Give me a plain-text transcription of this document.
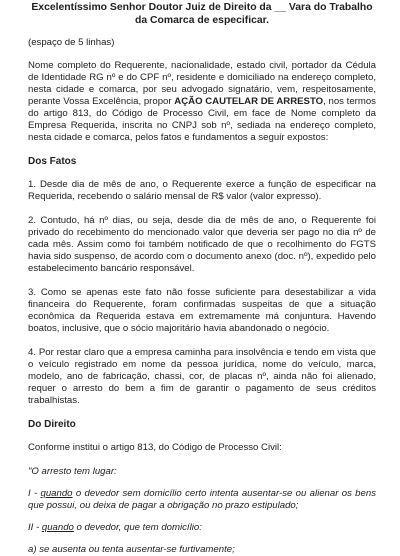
Excelentíssimo Senhor Doutor Juiz de Direito da __ Vara do Trabalho da Comarca de especificar.
(espaço de 5 linhas)
Nome completo do Requerente, nacionalidade, estado civil, portador da Cédula de Identidade RG nº e do CPF nº, residente e domiciliado na endereço completo, nesta cidade e comarca, por seu advogado signatário, vem, respeitosamente, perante Vossa Excelência, propor AÇÃO CAUTELAR DE ARRESTO, nos termos do artigo 813, do Código de Processo Civil, em face de Nome completo da Empresa Requerida, inscrita no CNPJ sob nº, sediada na endereço completo, nesta cidade e comarca, pelos fatos e fundamentos a seguir expostos:
Dos Fatos
1. Desde dia de mês de ano, o Requerente exerce a função de especificar na Requerida, recebendo o salário mensal de R$ valor (valor expresso).
2. Contudo, há nº dias, ou seja, desde dia de mês de ano, o Requerente foi privado do recebimento do mencionado valor que deveria ser pago no dia nº de cada mês. Assim como foi também notificado de que o recolhimento do FGTS havia sido suspenso, de acordo com o documento anexo (doc. nº), expedido pelo estabelecimento bancário responsável.
3. Como se apenas este fato não fosse suficiente para desestabilizar a vida financeira do Requerente, foram confirmadas suspeitas de que a situação econômica da Requerida estava em extremamente má conjuntura. Havendo boatos, inclusive, que o sócio majoritário havia abandonado o negócio.
4. Por restar claro que a empresa caminha para insolvência e tendo em vista que o veículo registrado em nome da pessoa jurídica, nome do veículo, marca, modelo, ano de fabricação, chassi, cor, de placas nº, ainda não foi alienado, requer o arresto do bem a fim de garantir o pagamento de seus créditos trabalhistas.
Do Direito
Conforme institui o artigo 813, do Código de Processo Civil:
"O arresto tem lugar:
I - quando o devedor sem domicílio certo intenta ausentar-se ou alienar os bens que possui, ou deixa de pagar a obrigação no prazo estipulado;
II - quando o devedor, que tem domicílio:
a) se ausenta ou tenta ausentar-se furtivamente;
